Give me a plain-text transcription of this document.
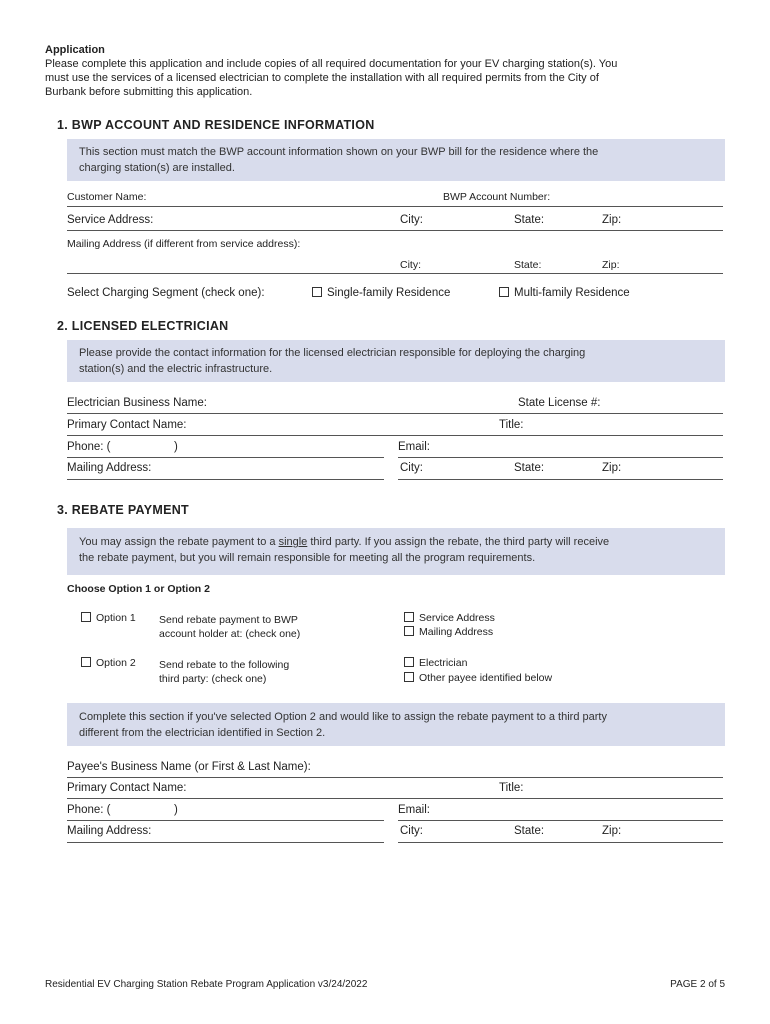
Application
Please complete this application and include copies of all required documentation for your EV charging station(s). You
must use the services of a licensed electrician to complete the installation with all required permits from the City of
Burbank before submitting this application.
1. BWP ACCOUNT AND RESIDENCE INFORMATION

This section must match the BWP account information shown on your BWP bill for the residence where the
charging station(s) are installed.

Customer Name:	BWP Account Number:
Service Address:	City:	State:	Zip:
Mailing Address (if different from service address):
City:	State:	Zip:
Select Charging Segment (check one):	Single-family Residence	Multi-family Residence
2. LICENSED ELECTRICIAN

Please provide the contact information for the licensed electrician responsible for deploying the charging
station(s) and the electric infrastructure.

Electrician Business Name:	State License #:
Primary Contact Name:	Title:
Phone: (	)	Email:
Mailing Address:	City:	State:	Zip:
3. REBATE PAYMENT

You may assign the rebate payment to a single third party. If you assign the rebate, the third party will receive
the rebate payment, but you will remain responsible for meeting all the program requirements.

Choose Option 1 or Option 2
Option 1 Send rebate payment to BWP
account holder at: (check one)
Service Address
Mailing Address
Option 2 Send rebate to the following
third party: (check one)
Electrician
Other payee identified below

Complete this section if you've selected Option 2 and would like to assign the rebate payment to a third party
different from the electrician identified in Section 2.

Payee's Business Name (or First & Last Name):
Primary Contact Name:	Title:
Phone: (	)	Email:
Mailing Address:	City:	State:	Zip:
Residential EV Charging Station Rebate Program Application v3/24/2022	PAGE 2 of 5
